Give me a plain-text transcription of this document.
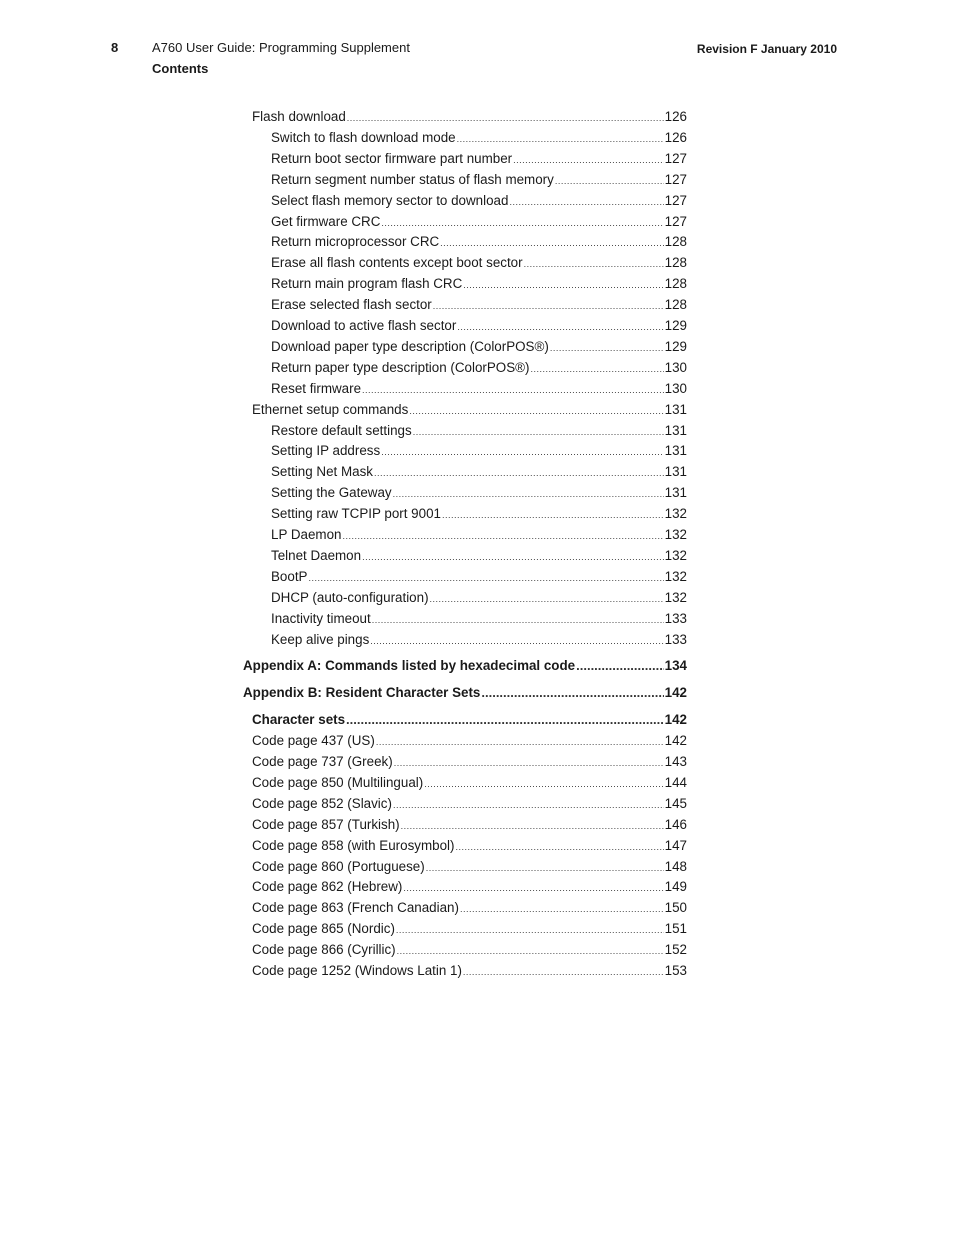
8	A760 User Guide: Programming Supplement
Contents
Revision F January 2010
Flash download .....	126
Switch to flash download mode .....	126
Return boot sector firmware part number .....	127
Return segment number status of flash memory .....	127
Select flash memory sector to download .....	127
Get firmware CRC .....	127
Return microprocessor CRC .....	128
Erase all flash contents except boot sector .....	128
Return main program flash CRC .....	128
Erase selected flash sector .....	128
Download to active flash sector .....	129
Download paper type description (ColorPOS®) .....	129
Return paper type description (ColorPOS®) .....	130
Reset firmware .....	130
Ethernet setup commands .....	131
Restore default settings .....	131
Setting IP address .....	131
Setting Net Mask .....	131
Setting the Gateway .....	131
Setting raw TCPIP port 9001 .....	132
LP Daemon .....	132
Telnet Daemon .....	132
BootP .....	132
DHCP (auto-configuration) .....	132
Inactivity timeout .....	133
Keep alive pings .....	133
Appendix A: Commands listed by hexadecimal code .....	134
Appendix B: Resident Character Sets .....	142
Character sets .....	142
Code page 437 (US) .....	142
Code page 737 (Greek) .....	143
Code page 850 (Multilingual) .....	144
Code page 852 (Slavic) .....	145
Code page 857 (Turkish) .....	146
Code page 858 (with Eurosymbol) .....	147
Code page 860 (Portuguese) .....	148
Code page 862 (Hebrew) .....	149
Code page 863 (French Canadian) .....	150
Code page 865 (Nordic) .....	151
Code page 866 (Cyrillic) .....	152
Code page 1252 (Windows Latin 1) .....	153
